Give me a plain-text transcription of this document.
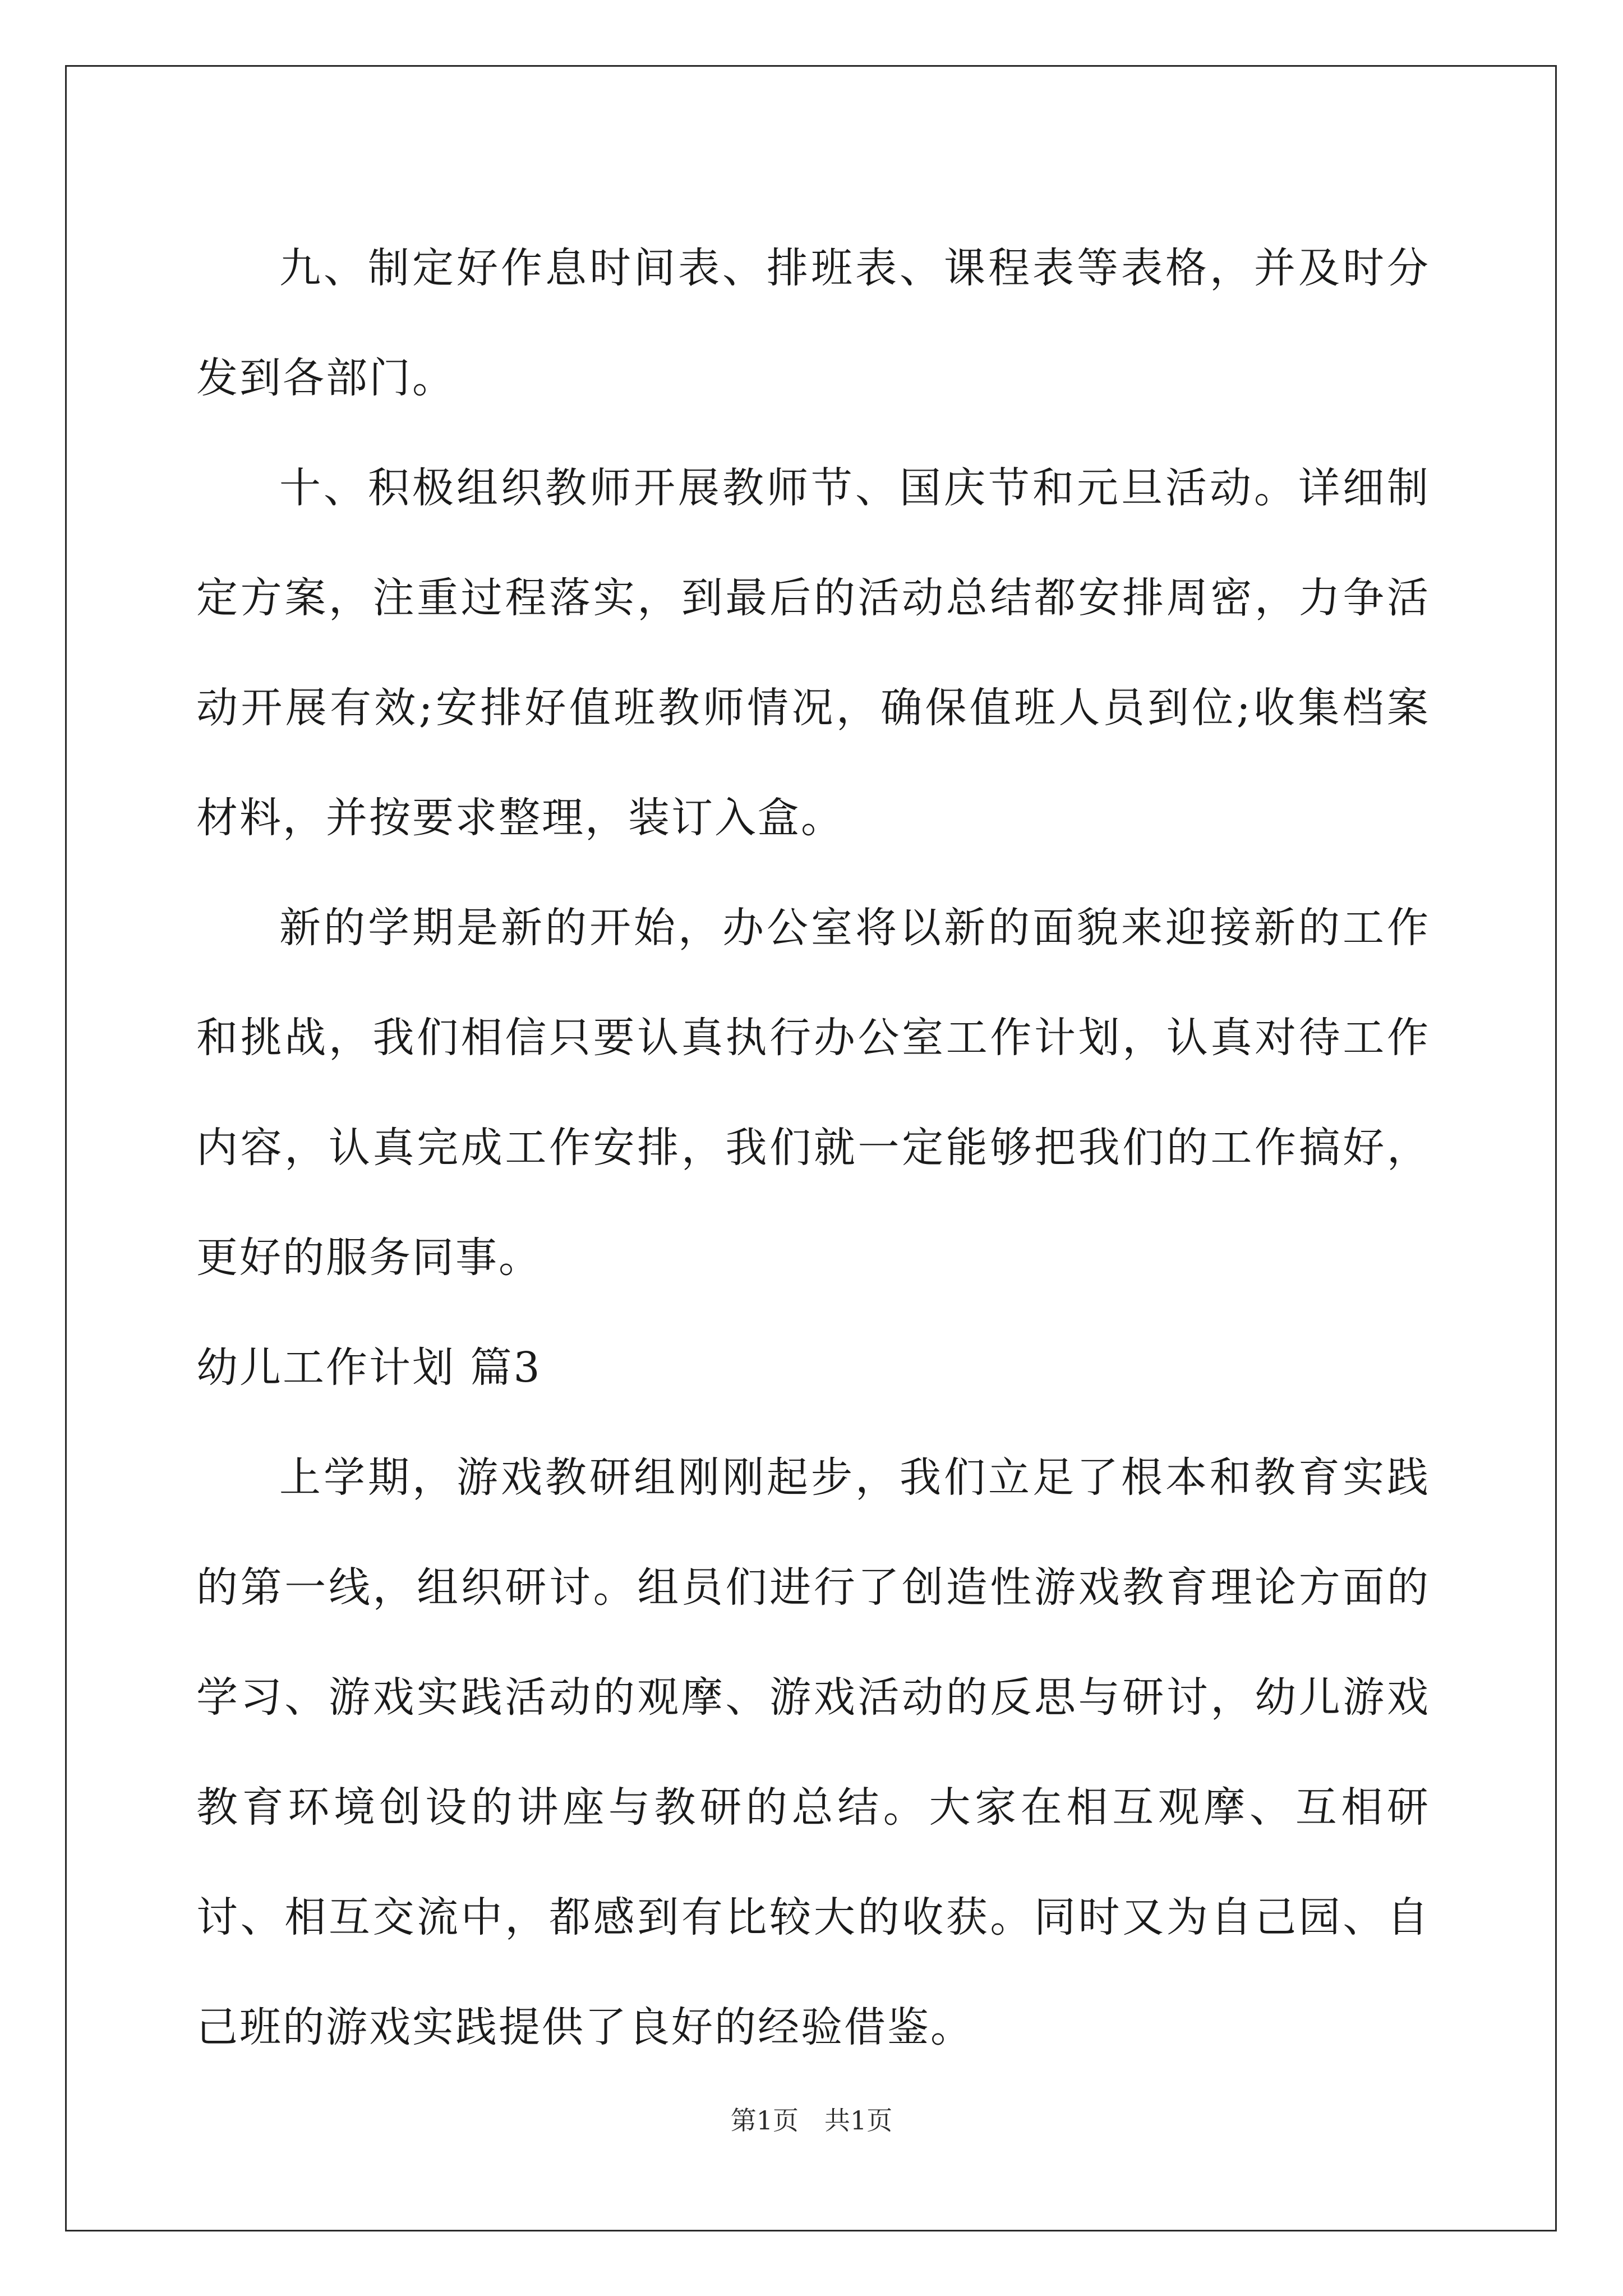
九、制定好作息时间表、排班表、课程表等表格，并及时分发到各部门。

十、积极组织教师开展教师节、国庆节和元旦活动。详细制定方案，注重过程落实，到最后的活动总结都安排周密，力争活动开展有效;安排好值班教师情况，确保值班人员到位;收集档案材料，并按要求整理，装订入盒。

新的学期是新的开始，办公室将以新的面貌来迎接新的工作和挑战，我们相信只要认真执行办公室工作计划，认真对待工作内容，认真完成工作安排，我们就一定能够把我们的工作搞好，更好的服务同事。

幼儿工作计划 篇3

上学期，游戏教研组刚刚起步，我们立足了根本和教育实践的第一线，组织研讨。组员们进行了创造性游戏教育理论方面的学习、游戏实践活动的观摩、游戏活动的反思与研讨，幼儿游戏教育环境创设的讲座与教研的总结。大家在相互观摩、互相研讨、相互交流中，都感到有比较大的收获。同时又为自己园、自己班的游戏实践提供了良好的经验借鉴。

第1页　共1页
